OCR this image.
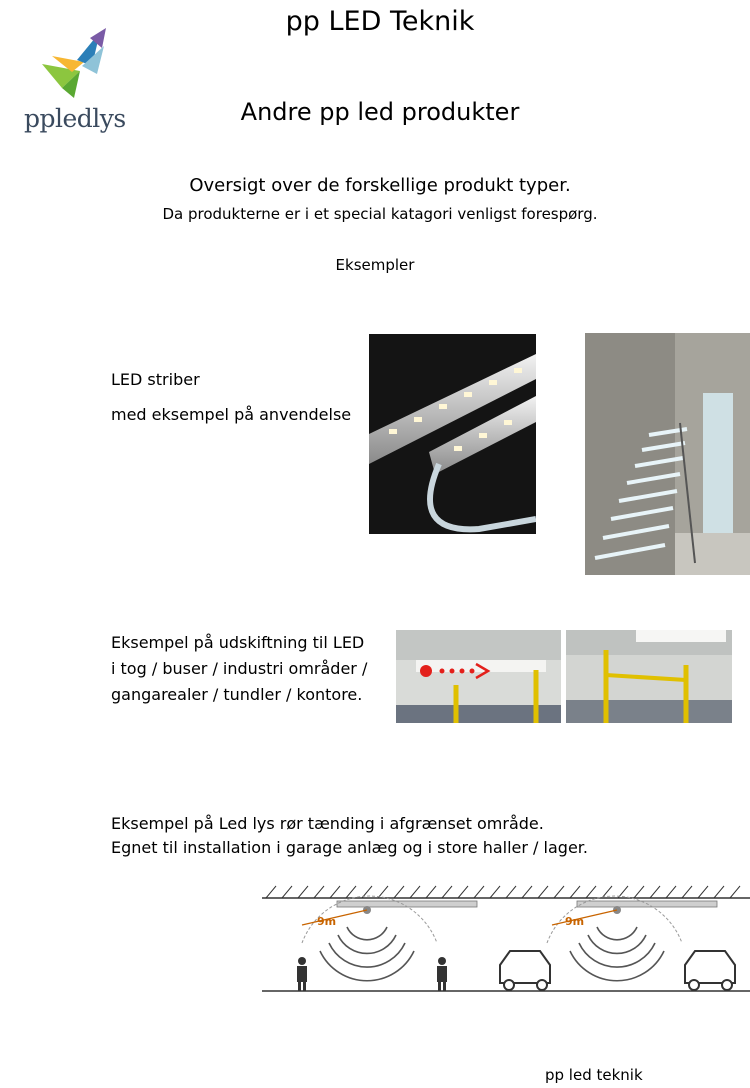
ppledlys
pp LED Teknik
Andre pp led produkter
Oversigt over de forskellige produkt typer.
Da produkterne er i et special katagori venligst forespørg.
Eksempler
LED striber
med eksempel på anvendelse
Eksempel på udskiftning til LED
i tog / buser / industri områder /
gangarealer / tundler / kontore.
Eksempel på Led lys rør tænding i afgrænset område.
Egnet til installation i garage anlæg og i store haller / lager.
9m	9m
pp led teknik
